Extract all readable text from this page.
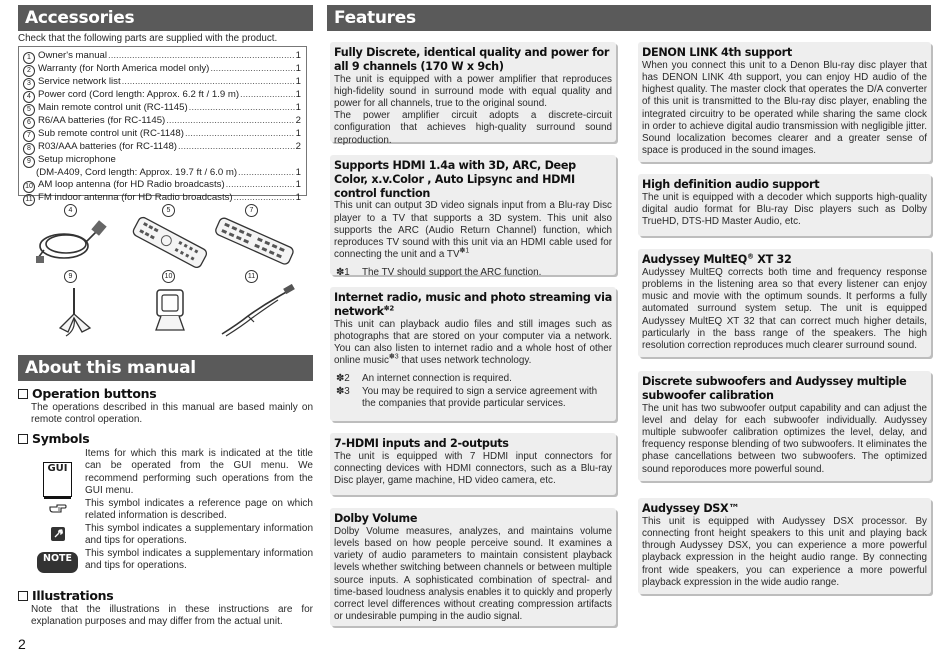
Accessories
Check that the following parts are supplied with the product.
1 Owner's manual .....	1
2 Warranty (for North America model only) .....	1
3 Service network list .....	1
4 Power cord (Cord length: Approx. 6.2 ft / 1.9 m) .....	1
5 Main remote control unit (RC-1145) .....	1
6 R6/AA batteries (for RC-1145) .....	2
7 Sub remote control unit (RC-1148) .....	1
8 R03/AAA batteries (for RC-1148) .....	2
9 Setup microphone
(DM-A409, Cord length: Approx. 19.7 ft / 6.0 m) .....	1
10 AM loop antenna (for HD Radio broadcasts) .....	1
11 FM indoor antenna (for HD Radio broadcasts) .....	1
4	5	7
9	10	11
About this manual
Operation buttons
The operations described in this manual are based mainly on remote control operation.
Symbols
GUI
Items for which this mark is indicated at the title can be operated from the GUI menu. We recommend performing such operations from the GUI menu.
This symbol indicates a reference page on which related information is described.
This symbol indicates a supplementary information and tips for operations.
NOTE	This symbol indicates a supplementary information and tips for operations.
Illustrations
Note that the illustrations in these instructions are for explanation purposes and may differ from the actual unit.
2
Features
Fully Discrete, identical quality and power for all 9 channels (170 W x 9ch)
The unit is equipped with a power amplifier that reproduces high-fidelity sound in surround mode with equal quality and power for all channels, true to the original sound.
The power amplifier circuit adopts a discrete-circuit configuration that achieves high-quality surround sound reproduction.
Supports HDMI 1.4a with 3D, ARC, Deep Color, x.v.Color , Auto Lipsync and HDMI control function
This unit can output 3D video signals input from a Blu-ray Disc player to a TV that supports a 3D system. This unit also supports the ARC (Audio Return Channel) function, which reproduces TV sound with this unit via an HDMI cable used for connecting the unit and a $TV^{✽1}$
✽1	The TV should support the ARC function.
Internet radio, music and photo streaming via network$^{✽2}$
This unit can playback audio files and still images such as photographs that are stored on your computer via a network. You can also listen to internet radio and a whole host of other online music$^{✽3}$ that uses network technology.
✽2	An internet connection is required.
✽3	You may be required to sign a service agreement with the companies that provide particular services.
7-HDMI inputs and 2-outputs
The unit is equipped with 7 HDMI input connectors for connecting devices with HDMI connectors, such as a Blu-ray Disc player, game machine, HD video camera, etc.
Dolby Volume
Dolby Volume measures, analyzes, and maintains volume levels based on how people perceive sound. It examines a variety of audio parameters to maintain consistent playback levels whether switching between channels or between multiple source inputs. A sophisticated combination of spectral- and time-based loudness analysis enables it to quickly and properly correct level differences without creating compression artifacts or undesirable pumping in the audio signal.
DENON LINK 4th support
When you connect this unit to a Denon Blu-ray disc player that has DENON LINK 4th support, you can enjoy HD audio of the highest quality. The master clock that operates the D/A converter of this unit is transmitted to the Blu-ray disc player, enabling the integrated circuitry to be operated while sharing the same clock in order to achieve digital audio transmission with negligible jitter. Sound localization becomes clearer and a greater sense of space is produced in the sound images.
High definition audio support
The unit is equipped with a decoder which supports high-quality digital audio format for Blu-ray Disc players such as Dolby TrueHD, DTS-HD Master Audio, etc.
Audyssey MultEQ® XT 32
Audyssey MultEQ corrects both time and frequency response problems in the listening area so that every listener can enjoy music and movie with the optimum sounds. It performs a fully automated surround system setup. The unit is equipped Audyssey MultEQ XT 32 that can correct much higher details, particularly in the bass range of the speakers. The high resolution correction reproduces much clearer surround sound.
Discrete subwoofers and Audyssey multiple subwoofer calibration
The unit has two subwoofer output capability and can adjust the level and delay for each subwoofer individually. Audyssey multiple subwoofer calibration optimizes the level, delay, and frequency response blending of two subwoofers. It eliminates the phase cancellations between two subwoofers. The optimized sound reporoduces more powerful sound.
Audyssey DSX™
This unit is equipped with Audyssey DSX processor. By connecting front height speakers to this unit and playing back through Audyssey DSX, you can experience a more powerful playback expression in the height audio range. By connecting front wide speakers, you can experience a more powerful playback expression in the wide audio range.
